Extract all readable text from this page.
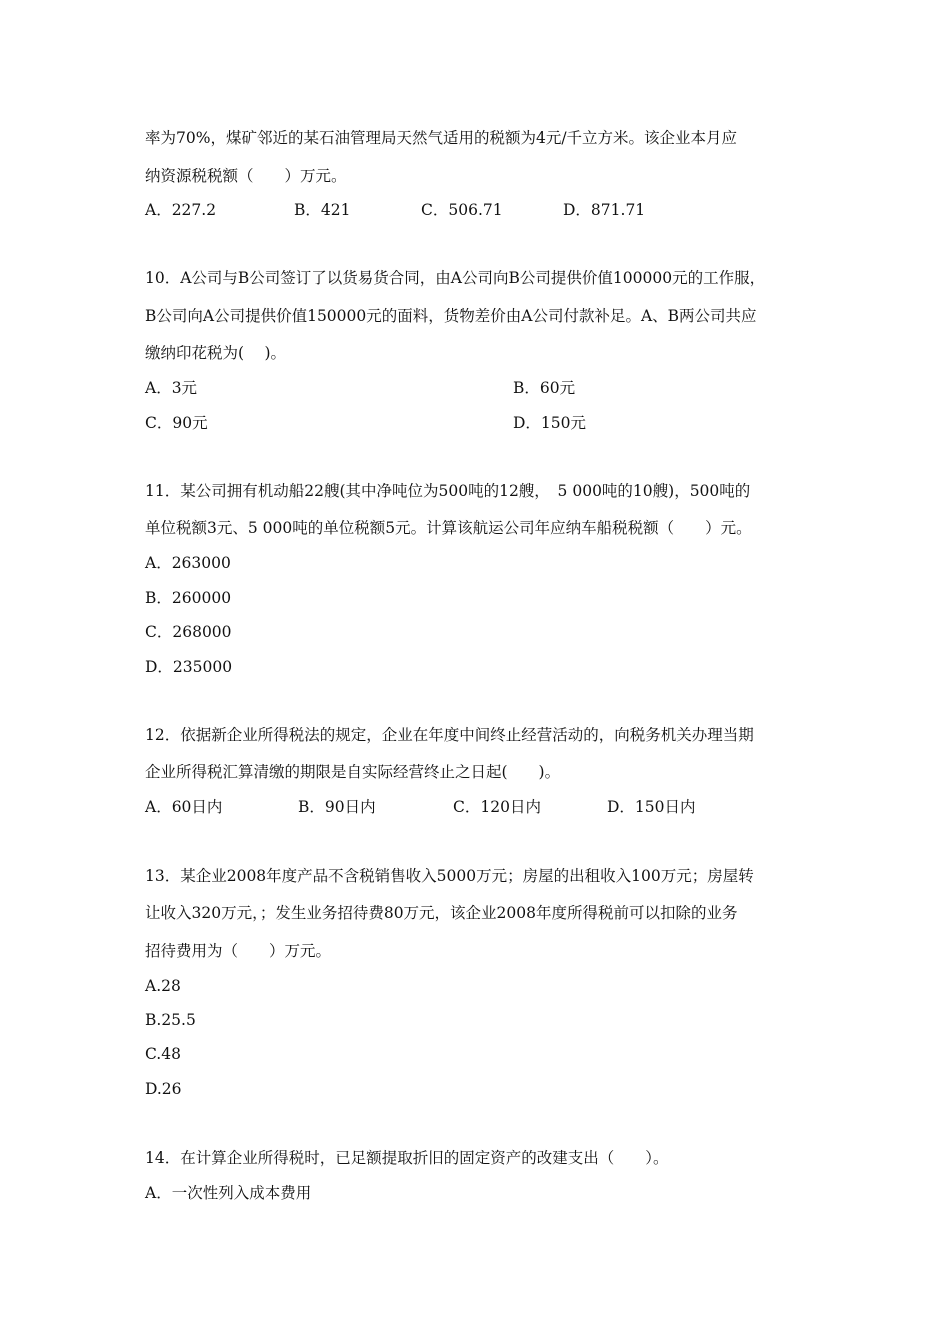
率为70%，煤矿邻近的某石油管理局天然气适用的税额为4元/千立方米。该企业本月应
纳资源税税额（　　）万元。
A．227.2	B．421	C．506.71	D．871.71
10．A公司与B公司签订了以货易货合同，由A公司向B公司提供价值100000元的工作服，
B公司向A公司提供价值150000元的面料，货物差价由A公司付款补足。A、B两公司共应
缴纳印花税为(　 )。
A．3元	B．60元
C．90元	D．150元
11．某公司拥有机动船22艘(其中净吨位为500吨的12艘，　5 000吨的10艘)，500吨的
单位税额3元、5 000吨的单位税额5元。计算该航运公司年应纳车船税税额（　　）元。
A．263000
B．260000
C．268000
D．235000
12．依据新企业所得税法的规定，企业在年度中间终止经营活动的，向税务机关办理当期
企业所得税汇算清缴的期限是自实际经营终止之日起(　　)。
A．60日内	B．90日内	C．120日内	D．150日内
13．某企业2008年度产品不含税销售收入5000万元；房屋的出租收入100万元；房屋转
让收入320万元，；发生业务招待费80万元，该企业2008年度所得税前可以扣除的业务
招待费用为（　　）万元。
A.28
B.25.5
C.48
D.26
14．在计算企业所得税时，已足额提取折旧的固定资产的改建支出（　　）。
A．一次性列入成本费用
